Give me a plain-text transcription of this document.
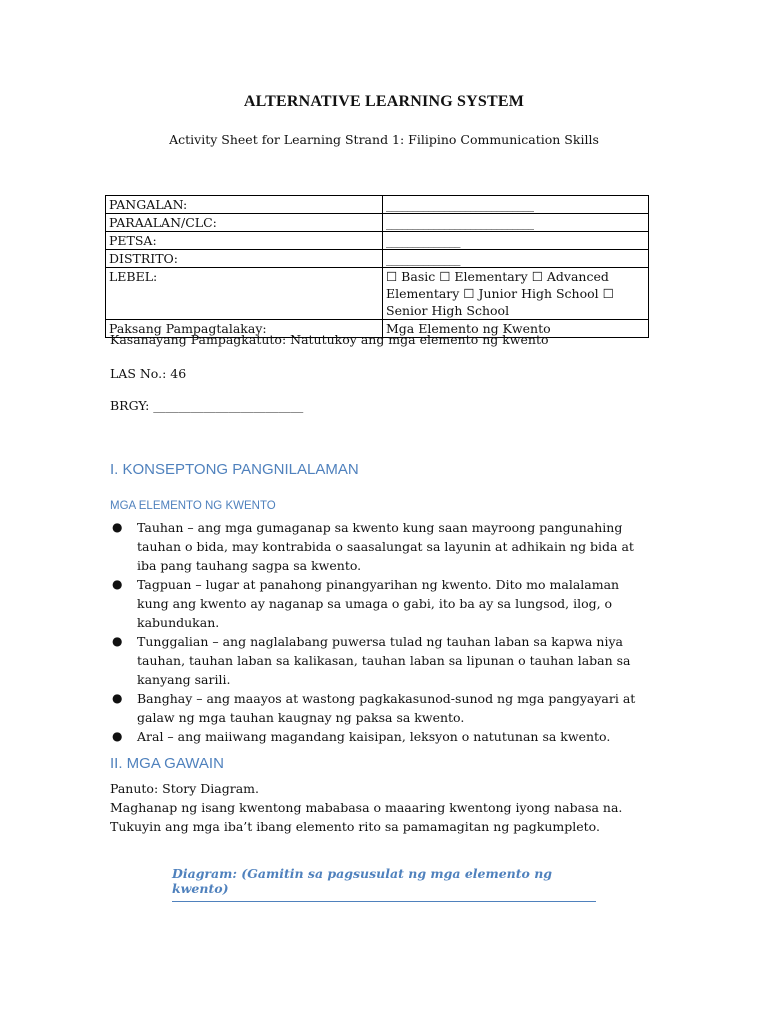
ALTERNATIVE LEARNING SYSTEM
Activity Sheet for Learning Strand 1: Filipino Communication Skills
PANGALAN:	____________________________
PARAALAN/CLC:	____________________________
PETSA:	______________
DISTRITO:	______________
LEBEL:	☐ Basic ☐ Elementary ☐ Advanced Elementary ☐ Junior High School ☐ Senior High School
Paksang Pampagtalakay:	Mga Elemento ng Kwento
Kasanayang Pampagkatuto: Natutukoy ang mga elemento ng kwento
LAS No.: 46
BRGY: ________________________
I. KONSEPTONG PANGNILALAMAN
MGA ELEMENTO NG KWENTO
● Tauhan – ang mga gumaganap sa kwento kung saan mayroong pangunahing tauhan o bida, may kontrabida o saasalungat sa layunin at adhikain ng bida at iba pang tauhang sagpa sa kwento.
● Tagpuan – lugar at panahong pinangyarihan ng kwento. Dito mo malalaman kung ang kwento ay naganap sa umaga o gabi, ito ba ay sa lungsod, ilog, o kabundukan.
● Tunggalian – ang naglalabang puwersa tulad ng tauhan laban sa kapwa niya tauhan, tauhan laban sa kalikasan, tauhan laban sa lipunan o tauhan laban sa kanyang sarili.
● Banghay – ang maayos at wastong pagkakasunod-sunod ng mga pangyayari at galaw ng mga tauhan kaugnay ng paksa sa kwento.
● Aral – ang maiiwang magandang kaisipan, leksyon o natutunan sa kwento.
II. MGA GAWAIN
Panuto: Story Diagram.
Maghanap ng isang kwentong mababasa o maaaring kwentong iyong nabasa na. Tukuyin ang mga iba’t ibang elemento rito sa pamamagitan ng pagkumpleto.
Diagram: (Gamitin sa pagsusulat ng mga elemento ng kwento)
